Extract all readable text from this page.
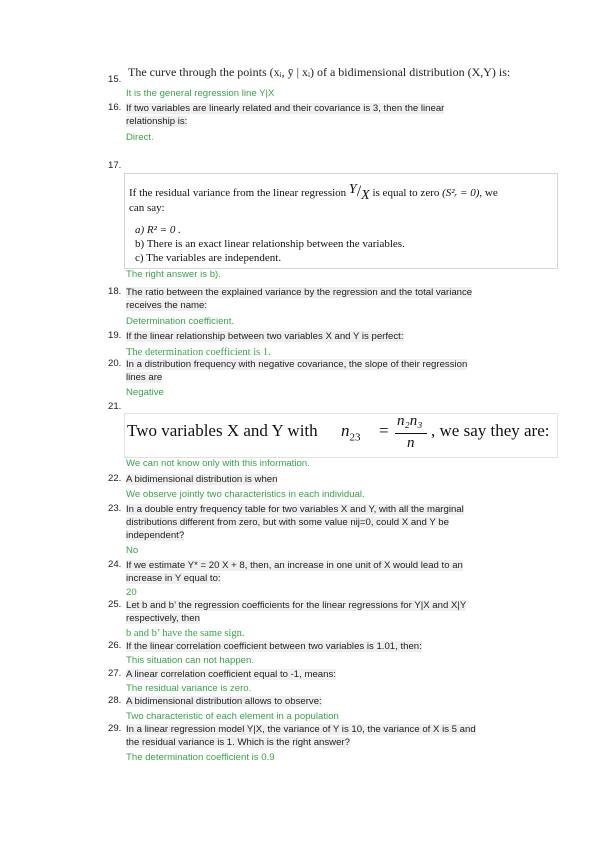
15.
The curve through the points (xᵢ, ȳ | xᵢ) of a bidimensional distribution (X,Y) is:
It is the general regression line Y|X
16. If two variables are linearly related and their covariance is 3, then the linear
relationship is:
Direct.
17.
If the residual variance from the linear regression Y/X is equal to zero (S²ᵣ = 0), we
can say:
a) R² = 0 .
b) There is an exact linear relationship between the variables.
c) The variables are independent.
The right answer is b).
18. The ratio between the explained variance by the regression and the total variance
receives the name:
Determination coefficient.
19. If the linear relationship between two variables X and Y is perfect:
The determination coefficient is 1.
20. In a distribution frequency with negative covariance, the slope of their regression
lines are
Negative
21.
Two variables X and Y with $n_{23} = n_2n_3$
n
, we say they are:
We can not know only with this information.
22. A bidimensional distribution is when
We observe jointly two characteristics in each individual.
23. In a double entry frequency table for two variables X and Y, with all the marginal
distributions different from zero, but with some value nij=0, could X and Y be
independent?
No
24. If we estimate Y* = 20 X + 8, then, an increase in one unit of X would lead to an
increase in Y equal to:
20
25. Let b and b’ the regression coefficients for the linear regressions for Y|X and X|Y
respectively, then
b and b’ have the same sign.
26. If the linear correlation coefficient between two variables is 1.01, then:
This situation can not happen.
27. A linear correlation coefficient equal to -1, means:
The residual variance is zero.
28. A bidimensional distribution allows to observe:
Two characteristic of each element in a population
29. In a linear regression model Y|X, the variance of Y is 10, the variance of X is 5 and
the residual variance is 1. Which is the right answer?
The determination coefficient is 0.9
